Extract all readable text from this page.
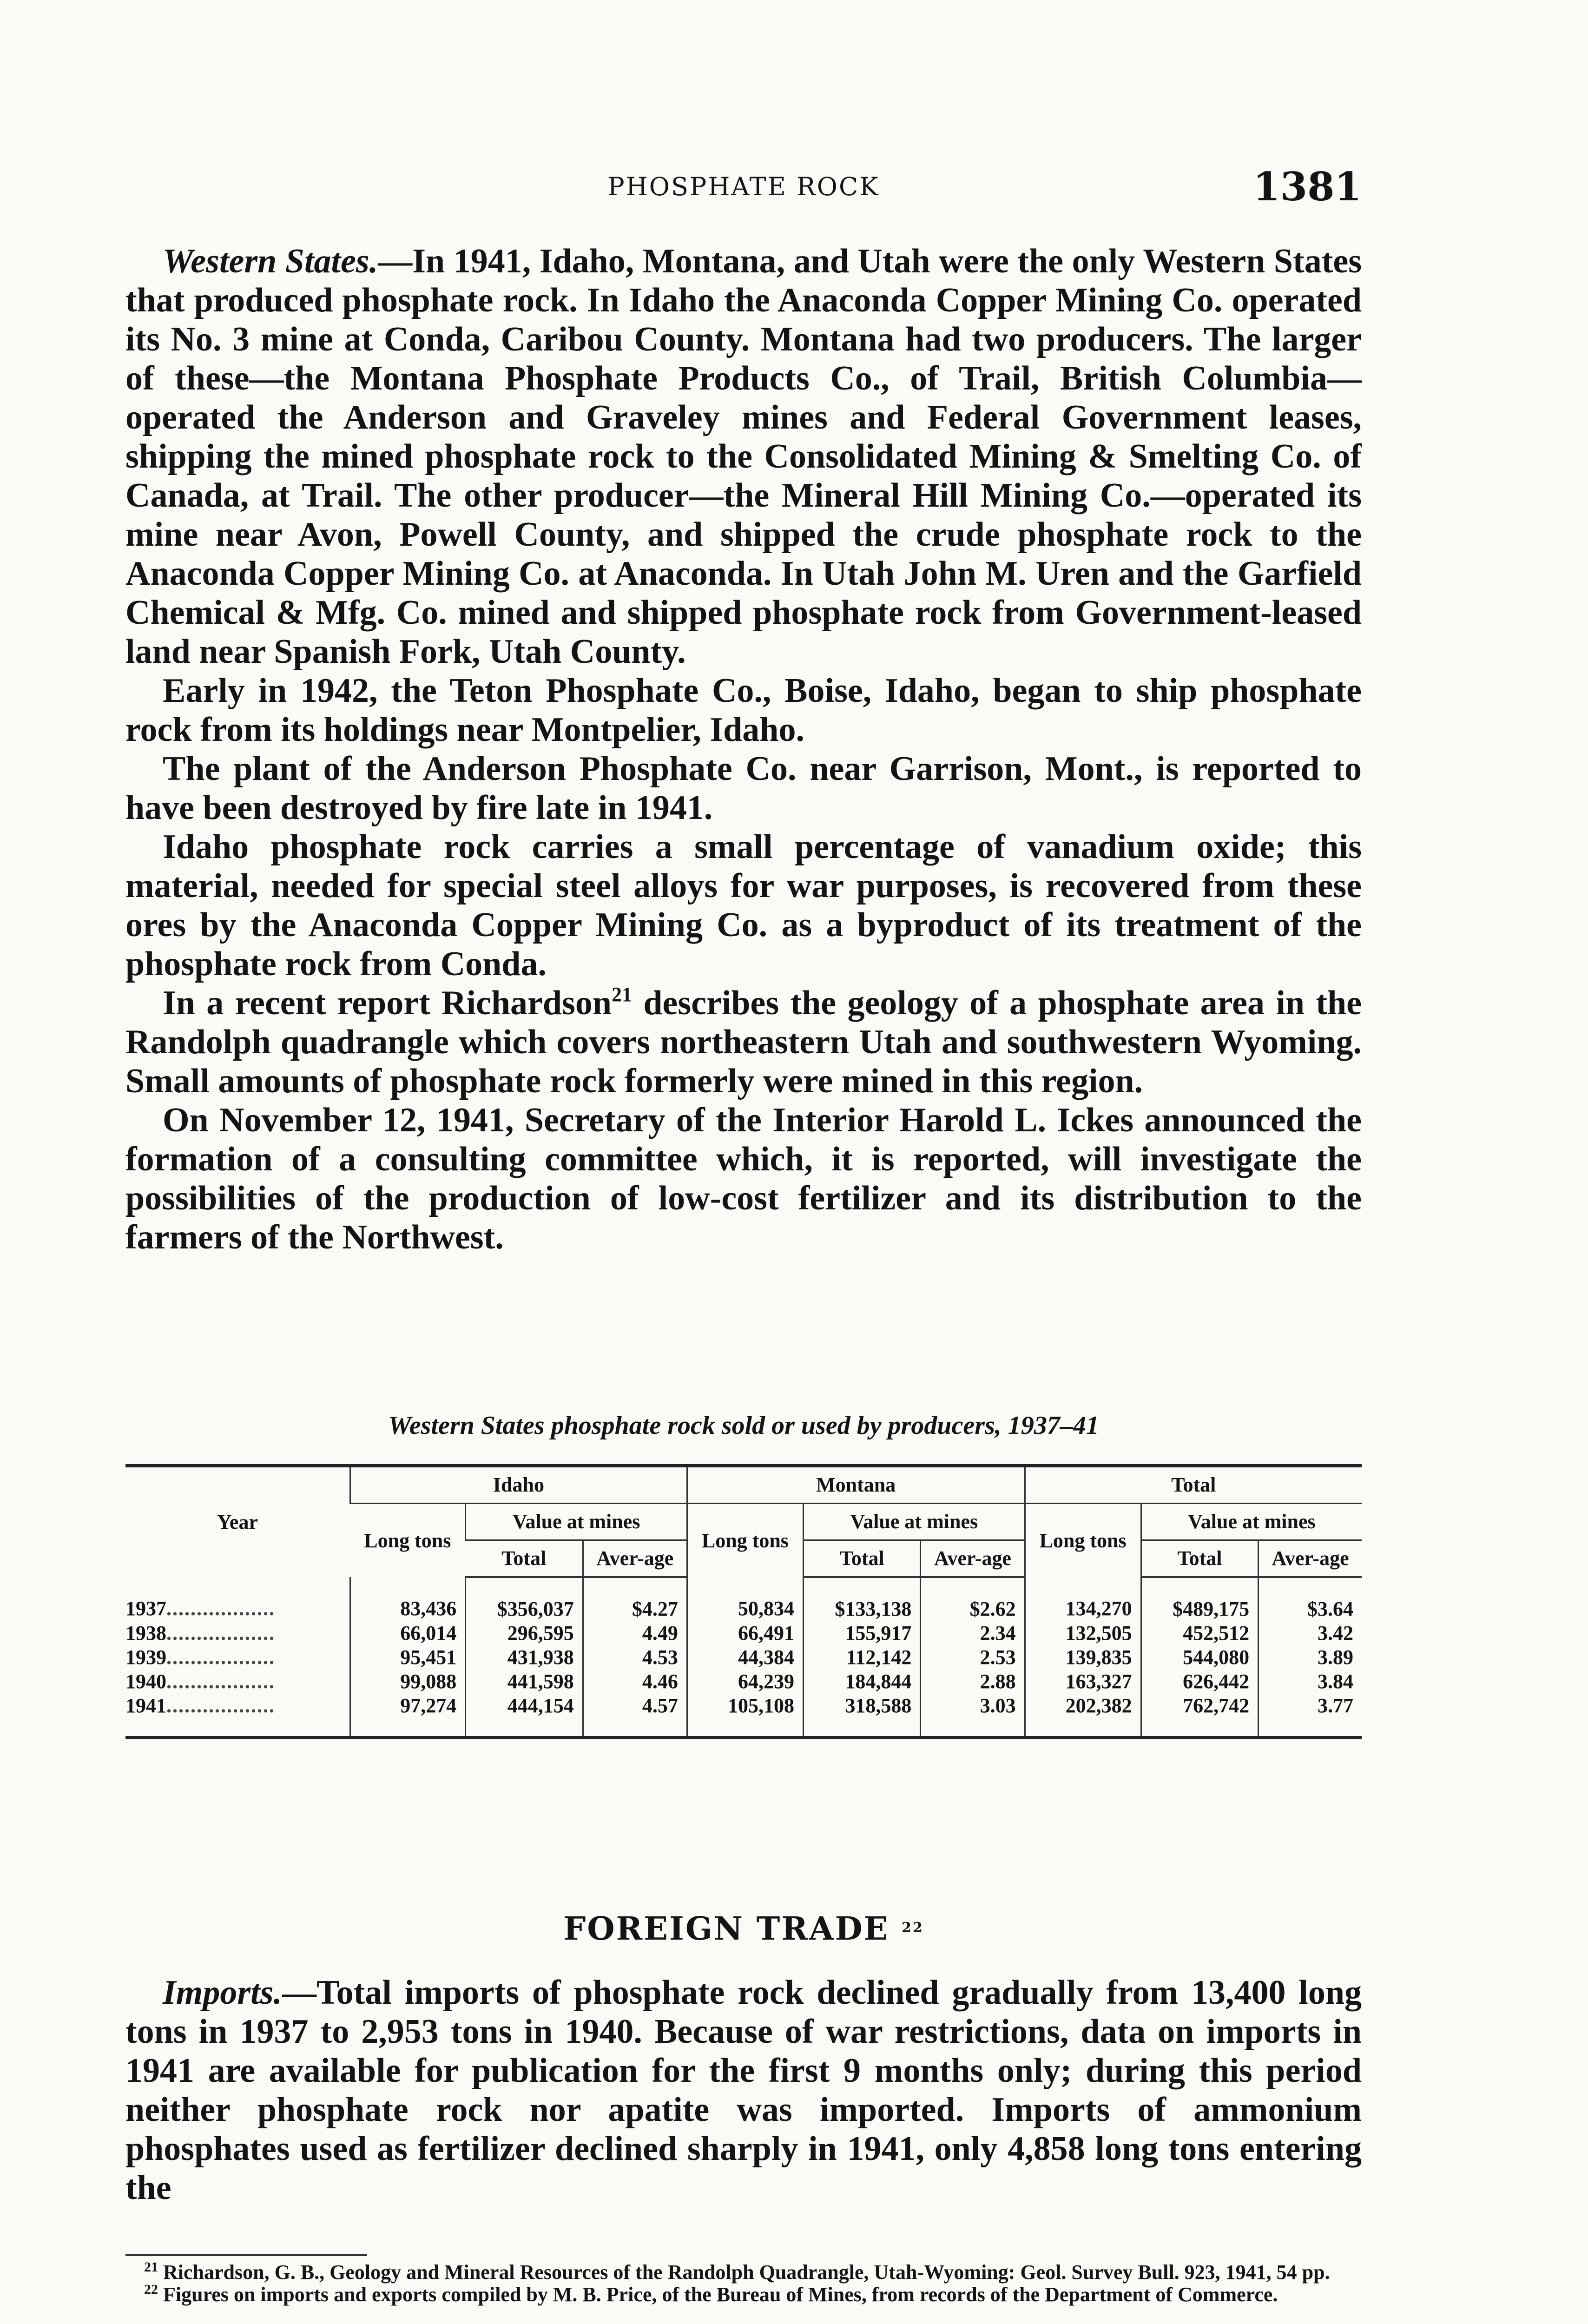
PHOSPHATE ROCK	1381

Western States.—In 1941, Idaho, Montana, and Utah were the only Western States that produced phosphate rock. In Idaho the Anaconda Copper Mining Co. operated its No. 3 mine at Conda, Caribou County. Montana had two producers. The larger of these—the Montana Phosphate Products Co., of Trail, British Columbia—operated the Anderson and Graveley mines and Federal Government leases, shipping the mined phosphate rock to the Consolidated Mining & Smelting Co. of Canada, at Trail. The other producer—the Mineral Hill Mining Co.—operated its mine near Avon, Powell County, and shipped the crude phosphate rock to the Anaconda Copper Mining Co. at Anaconda. In Utah John M. Uren and the Garfield Chemical & Mfg. Co. mined and shipped phosphate rock from Government-leased land near Spanish Fork, Utah County.

Early in 1942, the Teton Phosphate Co., Boise, Idaho, began to ship phosphate rock from its holdings near Montpelier, Idaho.

The plant of the Anderson Phosphate Co. near Garrison, Mont., is reported to have been destroyed by fire late in 1941.

Idaho phosphate rock carries a small percentage of vanadium oxide; this material, needed for special steel alloys for war purposes, is recovered from these ores by the Anaconda Copper Mining Co. as a byproduct of its treatment of the phosphate rock from Conda.

In a recent report Richardson$^{21}$ describes the geology of a phosphate area in the Randolph quadrangle which covers northeastern Utah and southwestern Wyoming. Small amounts of phosphate rock formerly were mined in this region.

On November 12, 1941, Secretary of the Interior Harold L. Ickes announced the formation of a consulting committee which, it is reported, will investigate the possibilities of the production of low-cost fertilizer and its distribution to the farmers of the Northwest.

Western States phosphate rock sold or used by producers, 1937–41
Year	Idaho			Montana			Total		
	Long tons	Value at mines		Long tons	Value at mines		Long tons	Value at mines	
		Total	Aver-age		Total	Aver-age		Total	Aver-age
1937..................	83,436	$356,037	$4.27	50,834	$133,138	$2.62	134,270	$489,175	$3.64
1938..................	66,014	296,595	4.49	66,491	155,917	2.34	132,505	452,512	3.42
1939..................	95,451	431,938	4.53	44,384	112,142	2.53	139,835	544,080	3.89
1940..................	99,088	441,598	4.46	64,239	184,844	2.88	163,327	626,442	3.84
1941..................	97,274	444,154	4.57	105,108	318,588	3.03	202,382	762,742	3.77
FOREIGN TRADE $^{22}$

Imports.—Total imports of phosphate rock declined gradually from 13,400 long tons in 1937 to 2,953 tons in 1940. Because of war restrictions, data on imports in 1941 are available for publication for the first 9 months only; during this period neither phosphate rock nor apatite was imported. Imports of ammonium phosphates used as fertilizer declined sharply in 1941, only 4,858 long tons entering the

$^{21}$ Richardson, G. B., Geology and Mineral Resources of the Randolph Quadrangle, Utah-Wyoming: Geol. Survey Bull. 923, 1941, 54 pp.

$^{22}$ Figures on imports and exports compiled by M. B. Price, of the Bureau of Mines, from records of the Department of Commerce.
